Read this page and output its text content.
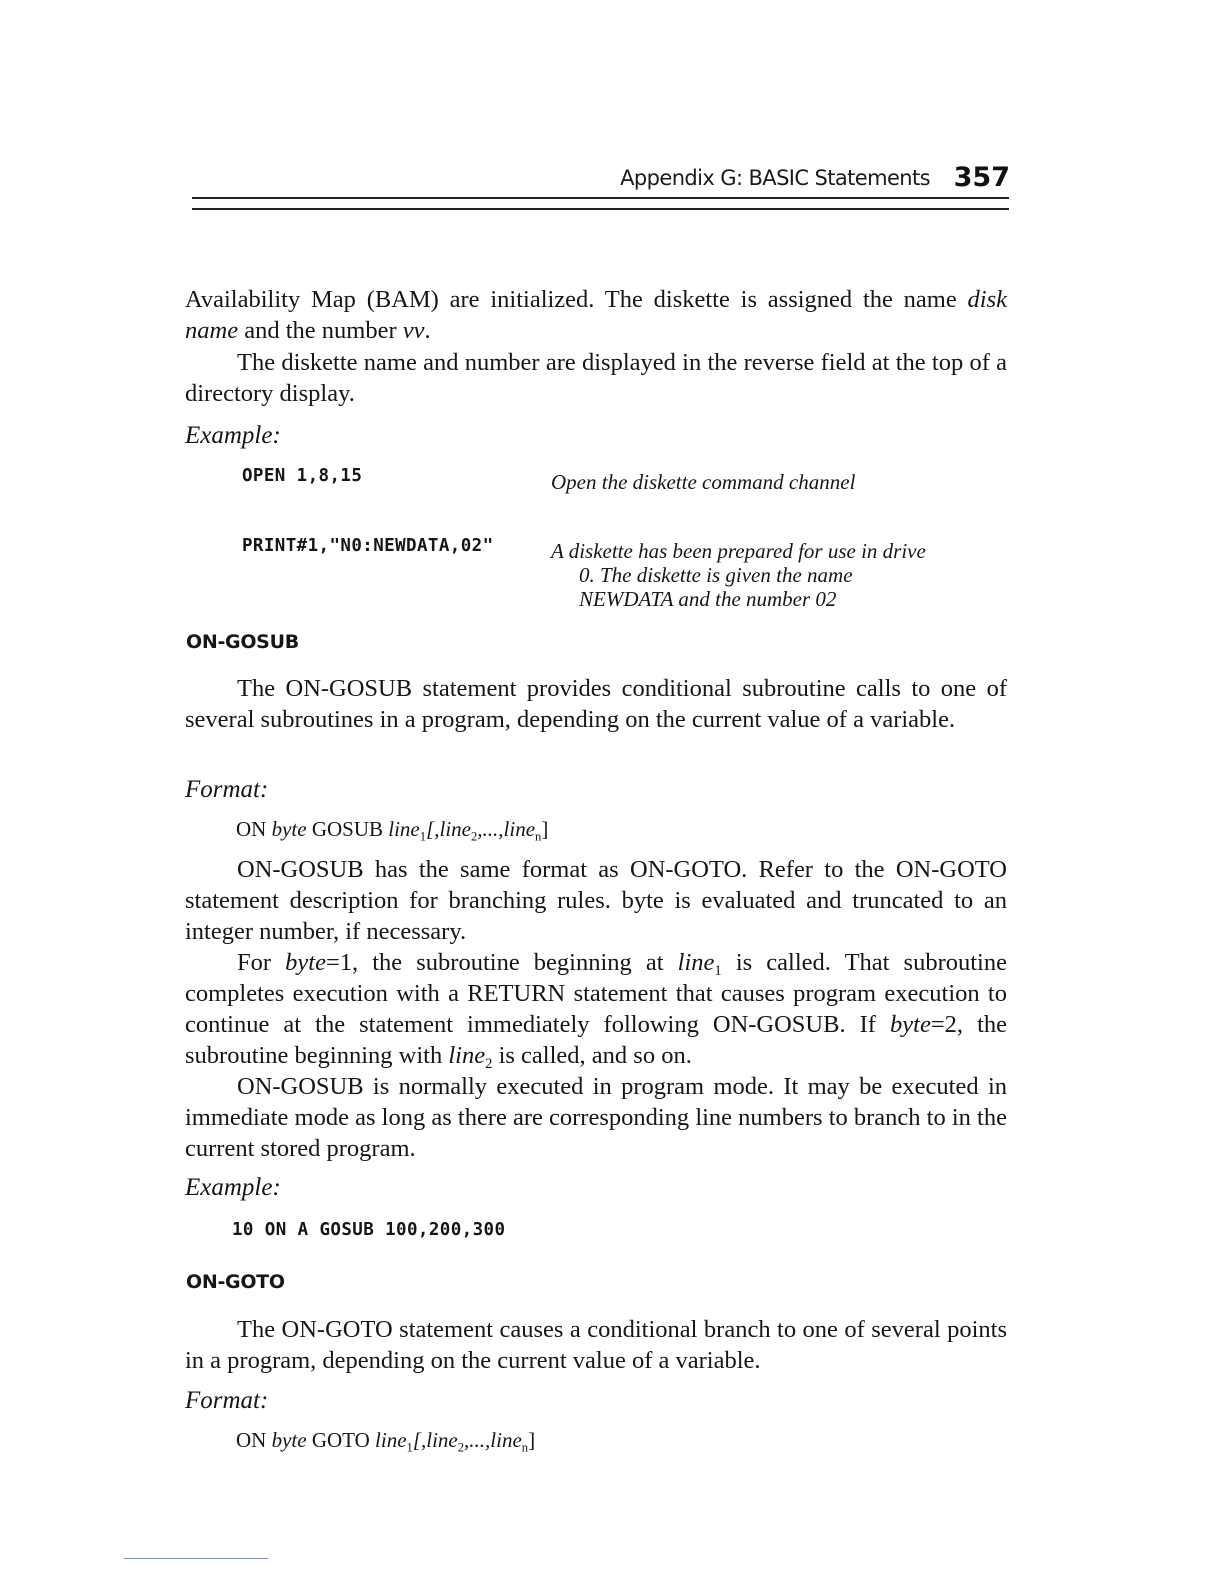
Appendix G: BASIC Statements 357

Availability Map (BAM) are initialized. The diskette is assigned the name disk name and the number vv.

The diskette name and number are displayed in the reverse field at the top of a directory display.

Example:
OPEN 1,8,15	Open the diskette command channel
PRINT#1,"N0:NEWDATA,02"	A diskette has been prepared for use in drive 0. The diskette is given the name NEWDATA and the number 02
ON-GOSUB

The ON-GOSUB statement provides conditional subroutine calls to one of several subroutines in a program, depending on the current value of a variable.

Format:
ON byte GOSUB line$_1$[,line$_2$,...,line$_n$]

ON-GOSUB has the same format as ON-GOTO. Refer to the ON-GOTO statement description for branching rules. byte is evaluated and truncated to an integer number, if necessary.

For byte=1, the subroutine beginning at line$_1$ is called. That subroutine completes execution with a RETURN statement that causes program execution to continue at the statement immediately following ON-GOSUB. If byte=2, the subroutine beginning with line$_2$ is called, and so on.

ON-GOSUB is normally executed in program mode. It may be executed in immediate mode as long as there are corresponding line numbers to branch to in the current stored program.

Example:
10 ON A GOSUB 100,200,300
ON-GOTO

The ON-GOTO statement causes a conditional branch to one of several points in a program, depending on the current value of a variable.

Format:
ON byte GOTO line$_1$[,line$_2$,...,line$_n$]
